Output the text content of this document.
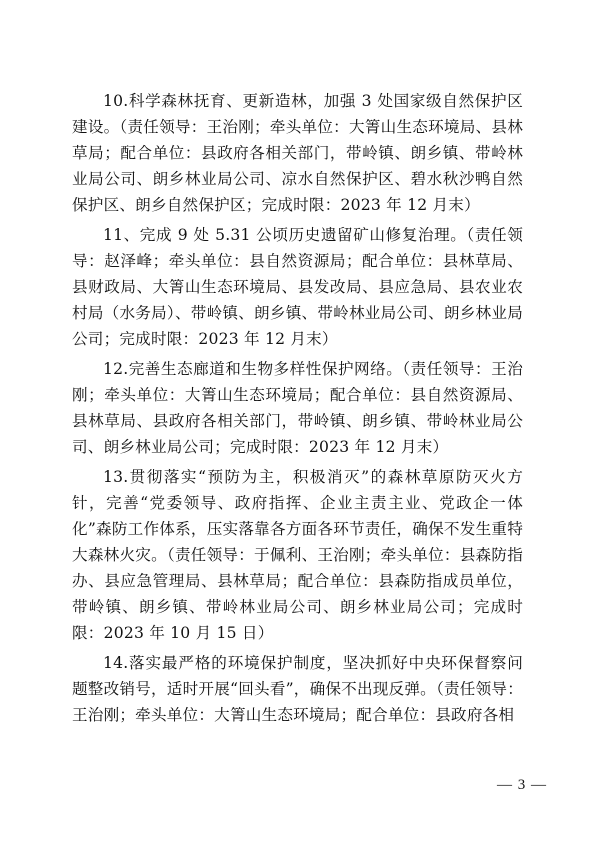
10.科学森林抚育、更新造林，加强 3 处国家级自然保护区建设。（责任领导：王治刚；牵头单位：大箐山生态环境局、县林草局；配合单位：县政府各相关部门，带岭镇、朗乡镇、带岭林业局公司、朗乡林业局公司、凉水自然保护区、碧水秋沙鸭自然保护区、朗乡自然保护区；完成时限：2023 年 12 月末）

11、完成 9 处 5.31 公顷历史遗留矿山修复治理。（责任领导：赵泽峰；牵头单位：县自然资源局；配合单位：县林草局、县财政局、大箐山生态环境局、县发改局、县应急局、县农业农村局（水务局）、带岭镇、朗乡镇、带岭林业局公司、朗乡林业局公司；完成时限：2023 年 12 月末）

12.完善生态廊道和生物多样性保护网络。（责任领导：王治刚；牵头单位：大箐山生态环境局；配合单位：县自然资源局、县林草局、县政府各相关部门，带岭镇、朗乡镇、带岭林业局公司、朗乡林业局公司；完成时限：2023 年 12 月末）

13.贯彻落实“预防为主，积极消灭”的森林草原防灭火方针，完善“党委领导、政府指挥、企业主责主业、党政企一体化”森防工作体系，压实落靠各方面各环节责任，确保不发生重特大森林火灾。（责任领导：于佩利、王治刚；牵头单位：县森防指办、县应急管理局、县林草局；配合单位：县森防指成员单位，带岭镇、朗乡镇、带岭林业局公司、朗乡林业局公司；完成时限：2023 年 10 月 15 日）

14.落实最严格的环境保护制度，坚决抓好中央环保督察问题整改销号，适时开展“回头看”，确保不出现反弹。（责任领导：王治刚；牵头单位：大箐山生态环境局；配合单位：县政府各相

— 3 —
